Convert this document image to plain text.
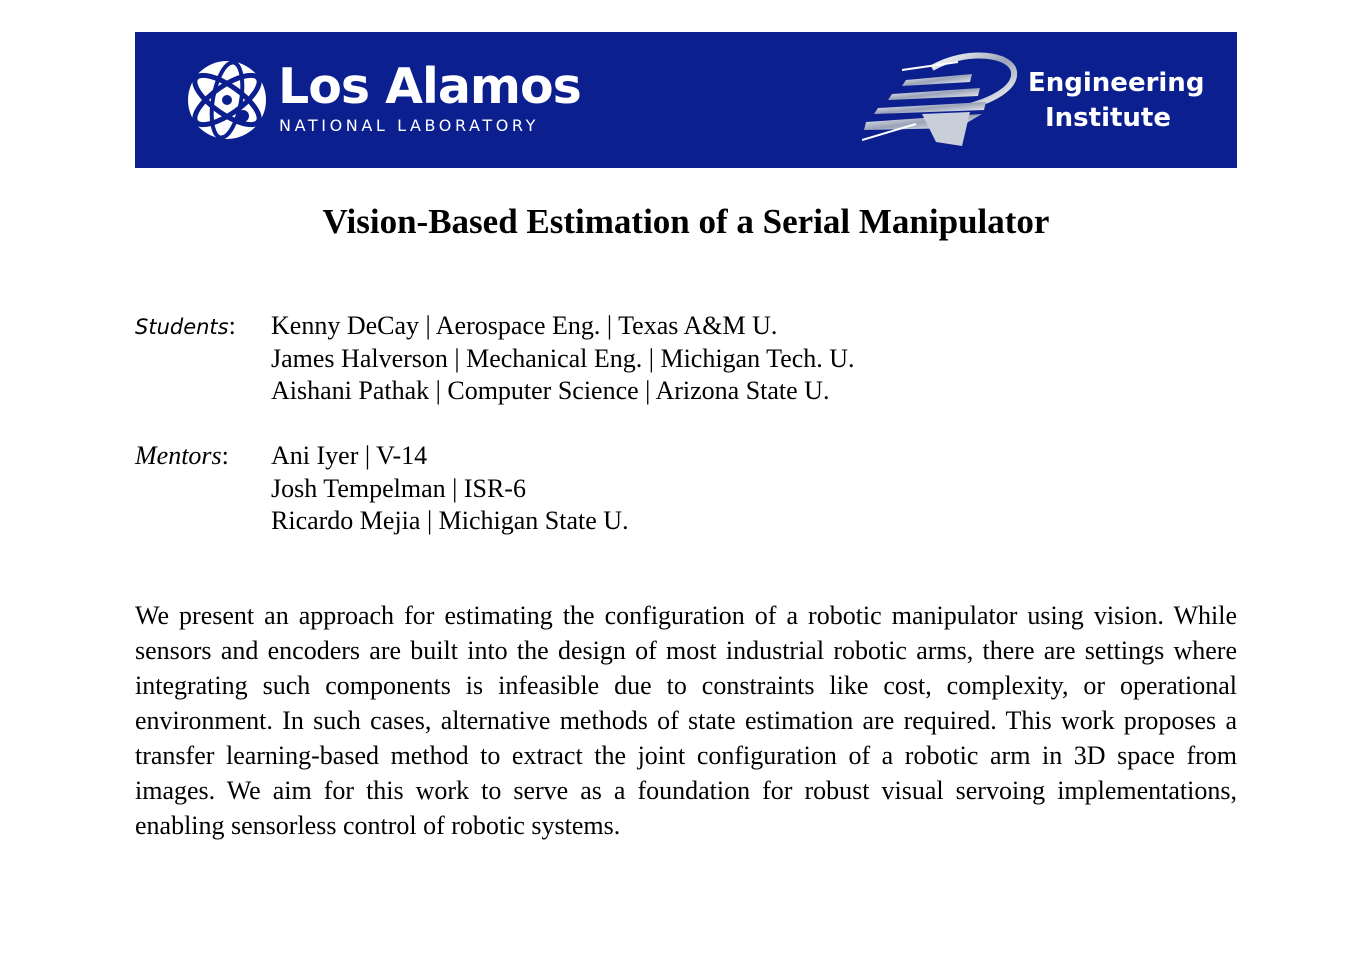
Los Alamos
NATIONAL LABORATORY
Engineering
Institute
Vision-Based Estimation of a Serial Manipulator
Students: Kenny DeCay | Aerospace Eng. | Texas A&M U.
James Halverson | Mechanical Eng. | Michigan Tech. U.
Aishani Pathak | Computer Science | Arizona State U.
Mentors: Ani Iyer | V-14
Josh Tempelman | ISR-6
Ricardo Mejia | Michigan State U.

We present an approach for estimating the configuration of a robotic manipulator using vision. While sensors and encoders are built into the design of most industrial robotic arms, there are settings where integrating such components is infeasible due to constraints like cost, complexity, or operational environment. In such cases, alternative methods of state estimation are required. This work proposes a transfer learning-based method to extract the joint configuration of a robotic arm in 3D space from images. We aim for this work to serve as a foundation for robust visual servoing implementations, enabling sensorless control of robotic systems.
